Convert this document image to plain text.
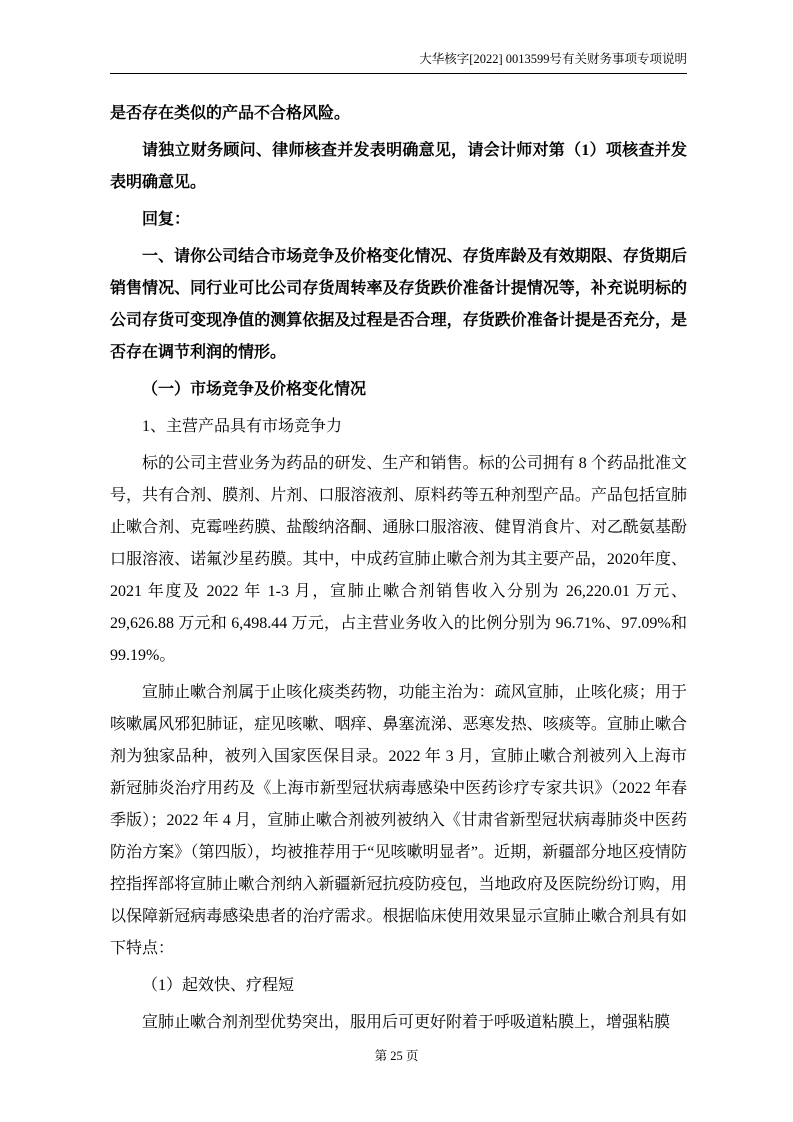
大华核字[2022] 0013599号有关财务事项专项说明

是否存在类似的产品不合格风险。

请独立财务顾问、律师核查并发表明确意见，请会计师对第（1）项核查并发表明确意见。

回复：

一、请你公司结合市场竞争及价格变化情况、存货库龄及有效期限、存货期后销售情况、同行业可比公司存货周转率及存货跌价准备计提情况等，补充说明标的公司存货可变现净值的测算依据及过程是否合理，存货跌价准备计提是否充分，是否存在调节利润的情形。

（一）市场竞争及价格变化情况

1、主营产品具有市场竞争力

标的公司主营业务为药品的研发、生产和销售。标的公司拥有 8 个药品批准文号，共有合剂、膜剂、片剂、口服溶液剂、原料药等五种剂型产品。产品包括宣肺止嗽合剂、克霉唑药膜、盐酸纳洛酮、通脉口服溶液、健胃消食片、对乙酰氨基酚口服溶液、诺氟沙星药膜。其中，中成药宣肺止嗽合剂为其主要产品，2020年度、2021 年度及 2022 年 1-3 月，宣肺止嗽合剂销售收入分别为 26,220.01 万元、29,626.88 万元和 6,498.44 万元，占主营业务收入的比例分别为 96.71%、97.09%和 99.19%。

宣肺止嗽合剂属于止咳化痰类药物，功能主治为：疏风宣肺，止咳化痰；用于咳嗽属风邪犯肺证，症见咳嗽、咽痒、鼻塞流涕、恶寒发热、咳痰等。宣肺止嗽合剂为独家品种，被列入国家医保目录。2022 年 3 月，宣肺止嗽合剂被列入上海市新冠肺炎治疗用药及《上海市新型冠状病毒感染中医药诊疗专家共识》（2022 年春季版）；2022 年 4 月，宣肺止嗽合剂被列被纳入《甘肃省新型冠状病毒肺炎中医药防治方案》（第四版），均被推荐用于“见咳嗽明显者”。近期，新疆部分地区疫情防控指挥部将宣肺止嗽合剂纳入新疆新冠抗疫防疫包，当地政府及医院纷纷订购，用以保障新冠病毒感染患者的治疗需求。根据临床使用效果显示宣肺止嗽合剂具有如下特点：

（1）起效快、疗程短

宣肺止嗽合剂剂型优势突出，服用后可更好附着于呼吸道粘膜上，增强粘膜

第 25 页
